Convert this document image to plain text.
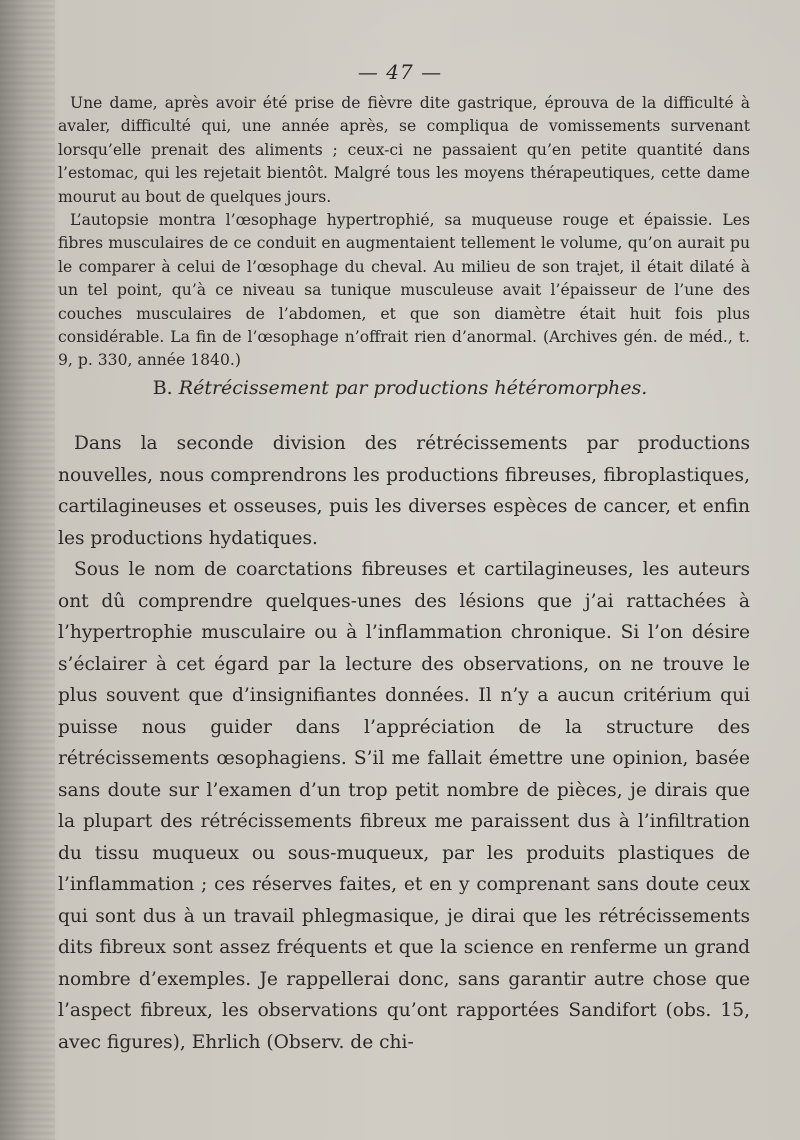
— 47 —

Une dame, après avoir été prise de fièvre dite gastrique, éprouva de la difficulté à avaler, difficulté qui, une année après, se compliqua de vomissements survenant lorsqu’elle prenait des aliments ; ceux-ci ne passaient qu’en petite quantité dans l’estomac, qui les rejetait bientôt. Malgré tous les moyens thérapeutiques, cette dame mourut au bout de quelques jours.

L’autopsie montra l’œsophage hypertrophié, sa muqueuse rouge et épaissie. Les fibres musculaires de ce conduit en augmentaient tellement le volume, qu’on aurait pu le comparer à celui de l’œsophage du cheval. Au milieu de son trajet, il était dilaté à un tel point, qu’à ce niveau sa tunique musculeuse avait l’épaisseur de l’une des couches musculaires de l’abdomen, et que son diamètre était huit fois plus considérable. La fin de l’œsophage n’offrait rien d’anormal. (Archives gén. de méd., t. 9, p. 330, année 1840.)

B. Rétrécissement par productions hétéromorphes.

Dans la seconde division des rétrécissements par productions nouvelles, nous comprendrons les productions fibreuses, fibroplastiques, cartilagineuses et osseuses, puis les diverses espèces de cancer, et enfin les productions hydatiques.

Sous le nom de coarctations fibreuses et cartilagineuses, les auteurs ont dû comprendre quelques-unes des lésions que j’ai rattachées à l’hypertrophie musculaire ou à l’inflammation chronique. Si l’on désire s’éclairer à cet égard par la lecture des observations, on ne trouve le plus souvent que d’insignifiantes données. Il n’y a aucun critérium qui puisse nous guider dans l’appréciation de la structure des rétrécissements œsophagiens. S’il me fallait émettre une opinion, basée sans doute sur l’examen d’un trop petit nombre de pièces, je dirais que la plupart des rétrécissements fibreux me paraissent dus à l’infiltration du tissu muqueux ou sous-muqueux, par les produits plastiques de l’inflammation ; ces réserves faites, et en y comprenant sans doute ceux qui sont dus à un travail phlegmasique, je dirai que les rétrécissements dits fibreux sont assez fréquents et que la science en renferme un grand nombre d’exemples. Je rappellerai donc, sans garantir autre chose que l’aspect fibreux, les observations qu’ont rapportées Sandifort (obs. 15, avec figures), Ehrlich (Observ. de chi-
